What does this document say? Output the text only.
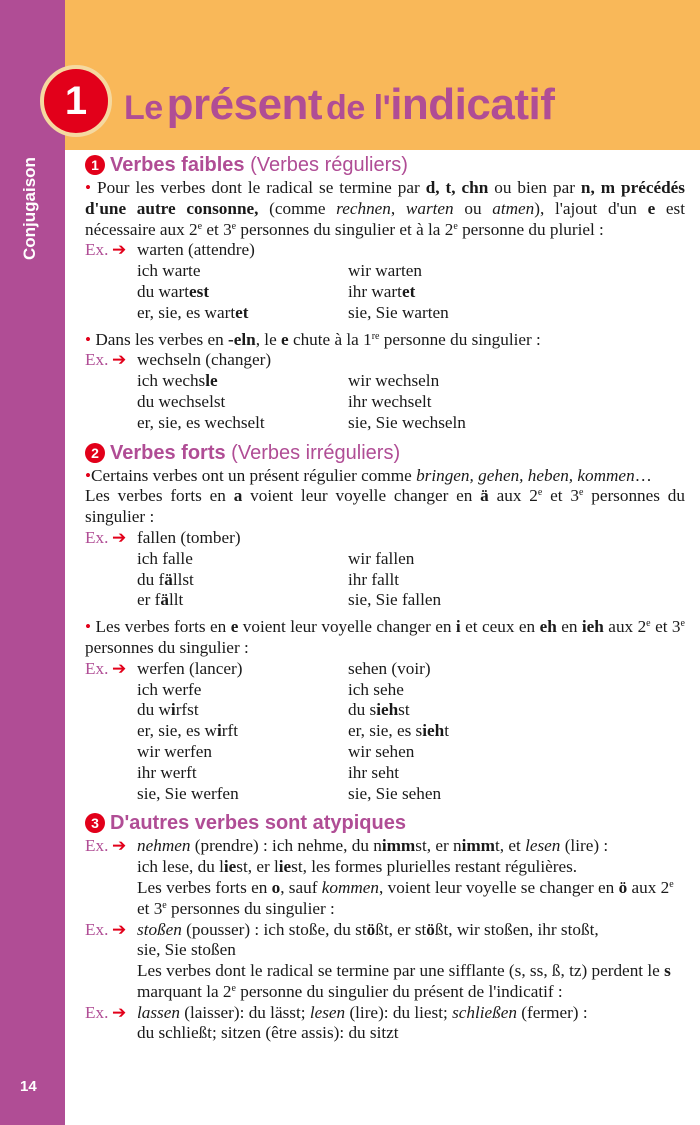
Conjugaison
14
1	Le présent de l'indicatif
1 Verbes faibles (Verbes réguliers)

• Pour les verbes dont le radical se termine par d, t, chn ou bien par n, m précédés d'une autre consonne, (comme rechnen, warten ou atmen), l'ajout d'un e est nécessaire aux 2e et 3e personnes du singulier et à la 2e personne du pluriel :

Ex. ➔ warten (attendre)
ich warte	wir warten
du wartest	ihr wartet
er, sie, es wartet	sie, Sie warten

• Dans les verbes en -eln, le e chute à la 1re personne du singulier :

Ex. ➔ wechseln (changer)
ich wechsle	wir wechseln
du wechselst	ihr wechselt
er, sie, es wechselt	sie, Sie wechseln
2 Verbes forts (Verbes irréguliers)

•Certains verbes ont un présent régulier comme bringen, gehen, heben, kommen…

Les verbes forts en a voient leur voyelle changer en ä aux 2e et 3e personnes du singulier :

Ex. ➔ fallen (tomber)
ich falle	wir fallen
du fällst	ihr fallt
er fällt	sie, Sie fallen

• Les verbes forts en e voient leur voyelle changer en i et ceux en eh en ieh aux 2e et 3e personnes du singulier :

Ex. ➔ werfen (lancer)	sehen (voir)
ich werfe	ich sehe
du wirfst	du siehst
er, sie, es wirft	er, sie, es sieht
wir werfen	wir sehen
ihr werft	ihr seht
sie, Sie werfen	sie, Sie sehen
3 D'autres verbes sont atypiques
Ex. ➔ nehmen (prendre) : ich nehme, du nimmst, er nimmt, et lesen (lire) :
ich lese, du liest, er liest, les formes plurielles restant régulières.
Les verbes forts en o, sauf kommen, voient leur voyelle se changer en ö aux 2e et 3e personnes du singulier :
Ex. ➔ stoßen (pousser) : ich stoße, du stößt, er stößt, wir stoßen, ihr stoßt,
sie, Sie stoßen
Les verbes dont le radical se termine par une sifflante (s, ss, ß, tz) perdent le s marquant la 2e personne du singulier du présent de l'indicatif :
Ex. ➔ lassen (laisser): du lässt; lesen (lire): du liest; schließen (fermer) :
du schließt; sitzen (être assis): du sitzt
